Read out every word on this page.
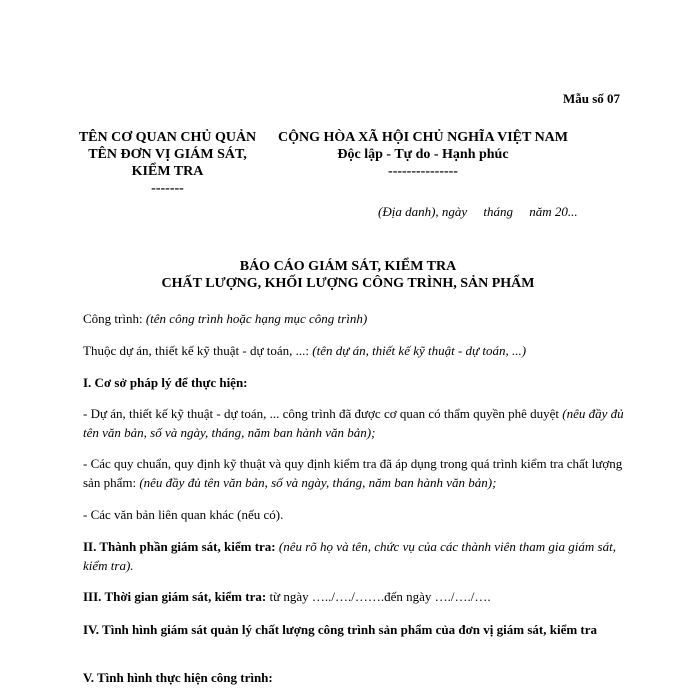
Mẫu số 07
TÊN CƠ QUAN CHỦ QUẢN
TÊN ĐƠN VỊ GIÁM SÁT,
KIỂM TRA
-------
CỘNG HÒA XÃ HỘI CHỦ NGHĨA VIỆT NAM
Độc lập - Tự do - Hạnh phúc
---------------
(Địa danh), ngày     tháng     năm 20...
BÁO CÁO GIÁM SÁT, KIỂM TRA
CHẤT LƯỢNG, KHỐI LƯỢNG CÔNG TRÌNH, SẢN PHẨM
Công trình: (tên công trình hoặc hạng mục công trình)
Thuộc dự án, thiết kế kỹ thuật - dự toán, ...: (tên dự án, thiết kế kỹ thuật - dự toán, ...)
I. Cơ sở pháp lý để thực hiện:
- Dự án, thiết kế kỹ thuật - dự toán, ... công trình đã được cơ quan có thẩm quyền phê duyệt (nêu đầy đủ tên văn bản, số và ngày, tháng, năm ban hành văn bản);
- Các quy chuẩn, quy định kỹ thuật và quy định kiểm tra đã áp dụng trong quá trình kiểm tra chất lượng sản phẩm: (nêu đầy đủ tên văn bản, số và ngày, tháng, năm ban hành văn bản);
- Các văn bản liên quan khác (nếu có).
II. Thành phần giám sát, kiểm tra: (nêu rõ họ và tên, chức vụ của các thành viên tham gia giám sát, kiểm tra).
III. Thời gian giám sát, kiểm tra: từ ngày …../…./…….đến ngày …./…./….
IV. Tình hình giám sát quản lý chất lượng công trình sản phẩm của đơn vị giám sát, kiểm tra
V. Tình hình thực hiện công trình:
